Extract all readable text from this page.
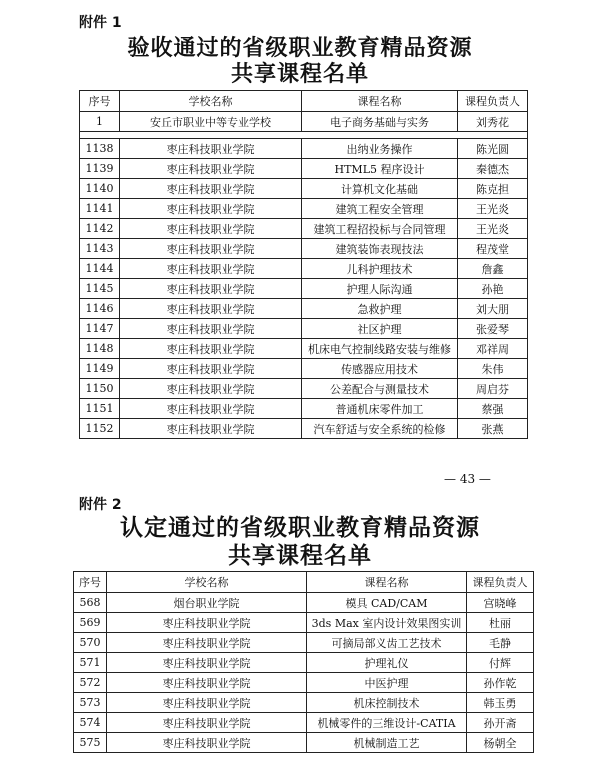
附件 1
验收通过的省级职业教育精品资源
共享课程名单
序号	学校名称	课程名称	课程负责人
1	安丘市职业中等专业学校	电子商务基础与实务	刘秀花

1138	枣庄科技职业学院	出纳业务操作	陈光圆
1139	枣庄科技职业学院	HTML5 程序设计	秦德杰
1140	枣庄科技职业学院	计算机文化基础	陈克担
1141	枣庄科技职业学院	建筑工程安全管理	王光炎
1142	枣庄科技职业学院	建筑工程招投标与合同管理	王光炎
1143	枣庄科技职业学院	建筑装饰表现技法	程茂堂
1144	枣庄科技职业学院	儿科护理技术	詹鑫
1145	枣庄科技职业学院	护理人际沟通	孙艳
1146	枣庄科技职业学院	急救护理	刘大朋
1147	枣庄科技职业学院	社区护理	张爱琴
1148	枣庄科技职业学院	机床电气控制线路安装与维修	邓祥周
1149	枣庄科技职业学院	传感器应用技术	朱伟
1150	枣庄科技职业学院	公差配合与测量技术	周启芬
1151	枣庄科技职业学院	普通机床零件加工	蔡强
1152	枣庄科技职业学院	汽车舒适与安全系统的检修	张燕
— 43 —
附件 2
认定通过的省级职业教育精品资源
共享课程名单
序号	学校名称	课程名称	课程负责人
568	烟台职业学院	模具 CAD/CAM	宫晓峰
569	枣庄科技职业学院	3ds Max 室内设计效果图实训	杜丽
570	枣庄科技职业学院	可摘局部义齿工艺技术	毛静
571	枣庄科技职业学院	护理礼仪	付辉
572	枣庄科技职业学院	中医护理	孙作乾
573	枣庄科技职业学院	机床控制技术	韩玉勇
574	枣庄科技职业学院	机械零件的三维设计-CATIA	孙开斋
575	枣庄科技职业学院	机械制造工艺	杨朝全
